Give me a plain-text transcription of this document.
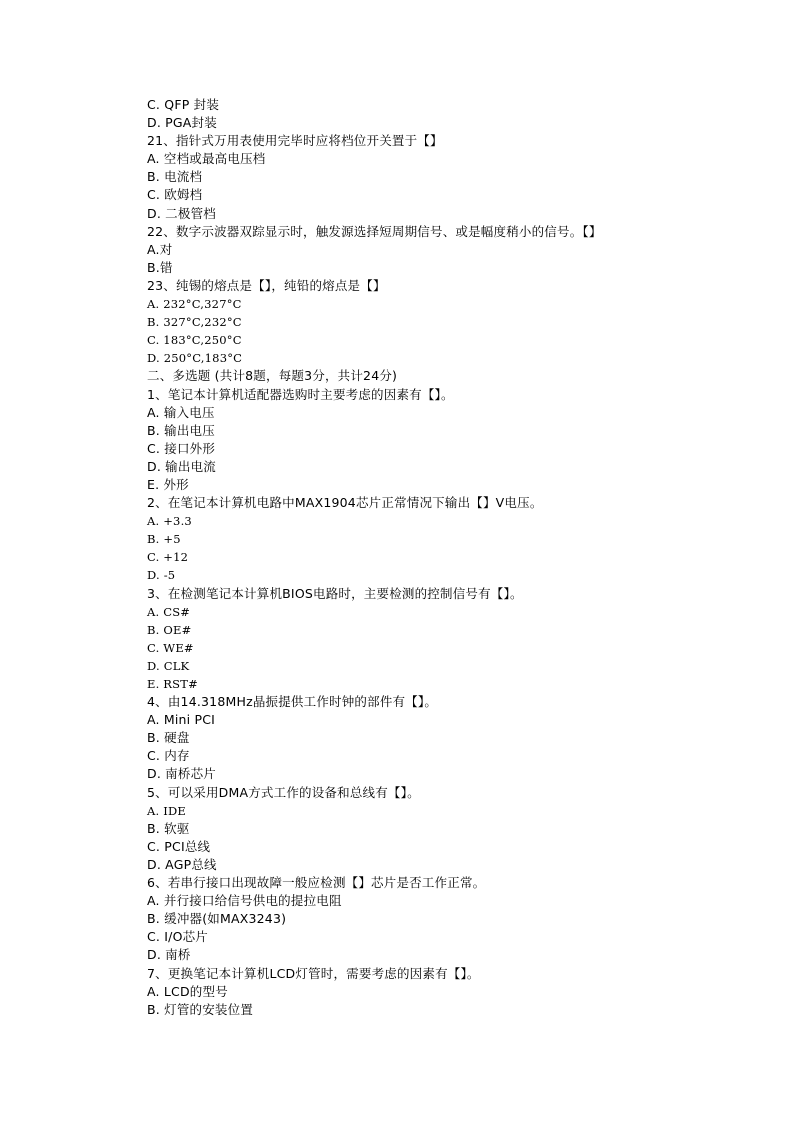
C. QFP 封装
D. PGA封装
21、指针式万用表使用完毕时应将档位开关置于【】
A. 空档或最高电压档
B. 电流档
C. 欧姆档
D. 二极管档
22、数字示波器双踪显示时，触发源选择短周期信号、或是幅度稍小的信号。【】
A.对
B.错
23、纯锡的熔点是【】，纯铅的熔点是【】
A. 232°C,327°C
B. 327°C,232°C
C. 183°C,250°C
D. 250°C,183°C
二、多选题 (共计8题，每题3分，共计24分)
1、笔记本计算机适配器选购时主要考虑的因素有【】。
A. 输入电压
B. 输出电压
C. 接口外形
D. 输出电流
E. 外形
2、在笔记本计算机电路中MAX1904芯片正常情况下输出【】V电压。
A. +3.3
B. +5
C. +12
D. -5
3、在检测笔记本计算机BIOS电路时，主要检测的控制信号有【】。
A. CS#
B. OE#
C. WE#
D. CLK
E. RST#
4、由14.318MHz晶振提供工作时钟的部件有【】。
A. Mini PCI
B. 硬盘
C. 内存
D. 南桥芯片
5、可以采用DMA方式工作的设备和总线有【】。
A. IDE
B. 软驱
C. PCI总线
D. AGP总线
6、若串行接口出现故障一般应检测【】芯片是否工作正常。
A. 并行接口给信号供电的提拉电阻
B. 缓冲器(如MAX3243)
C. I/O芯片
D. 南桥
7、更换笔记本计算机LCD灯管时，需要考虑的因素有【】。
A. LCD的型号
B. 灯管的安装位置
